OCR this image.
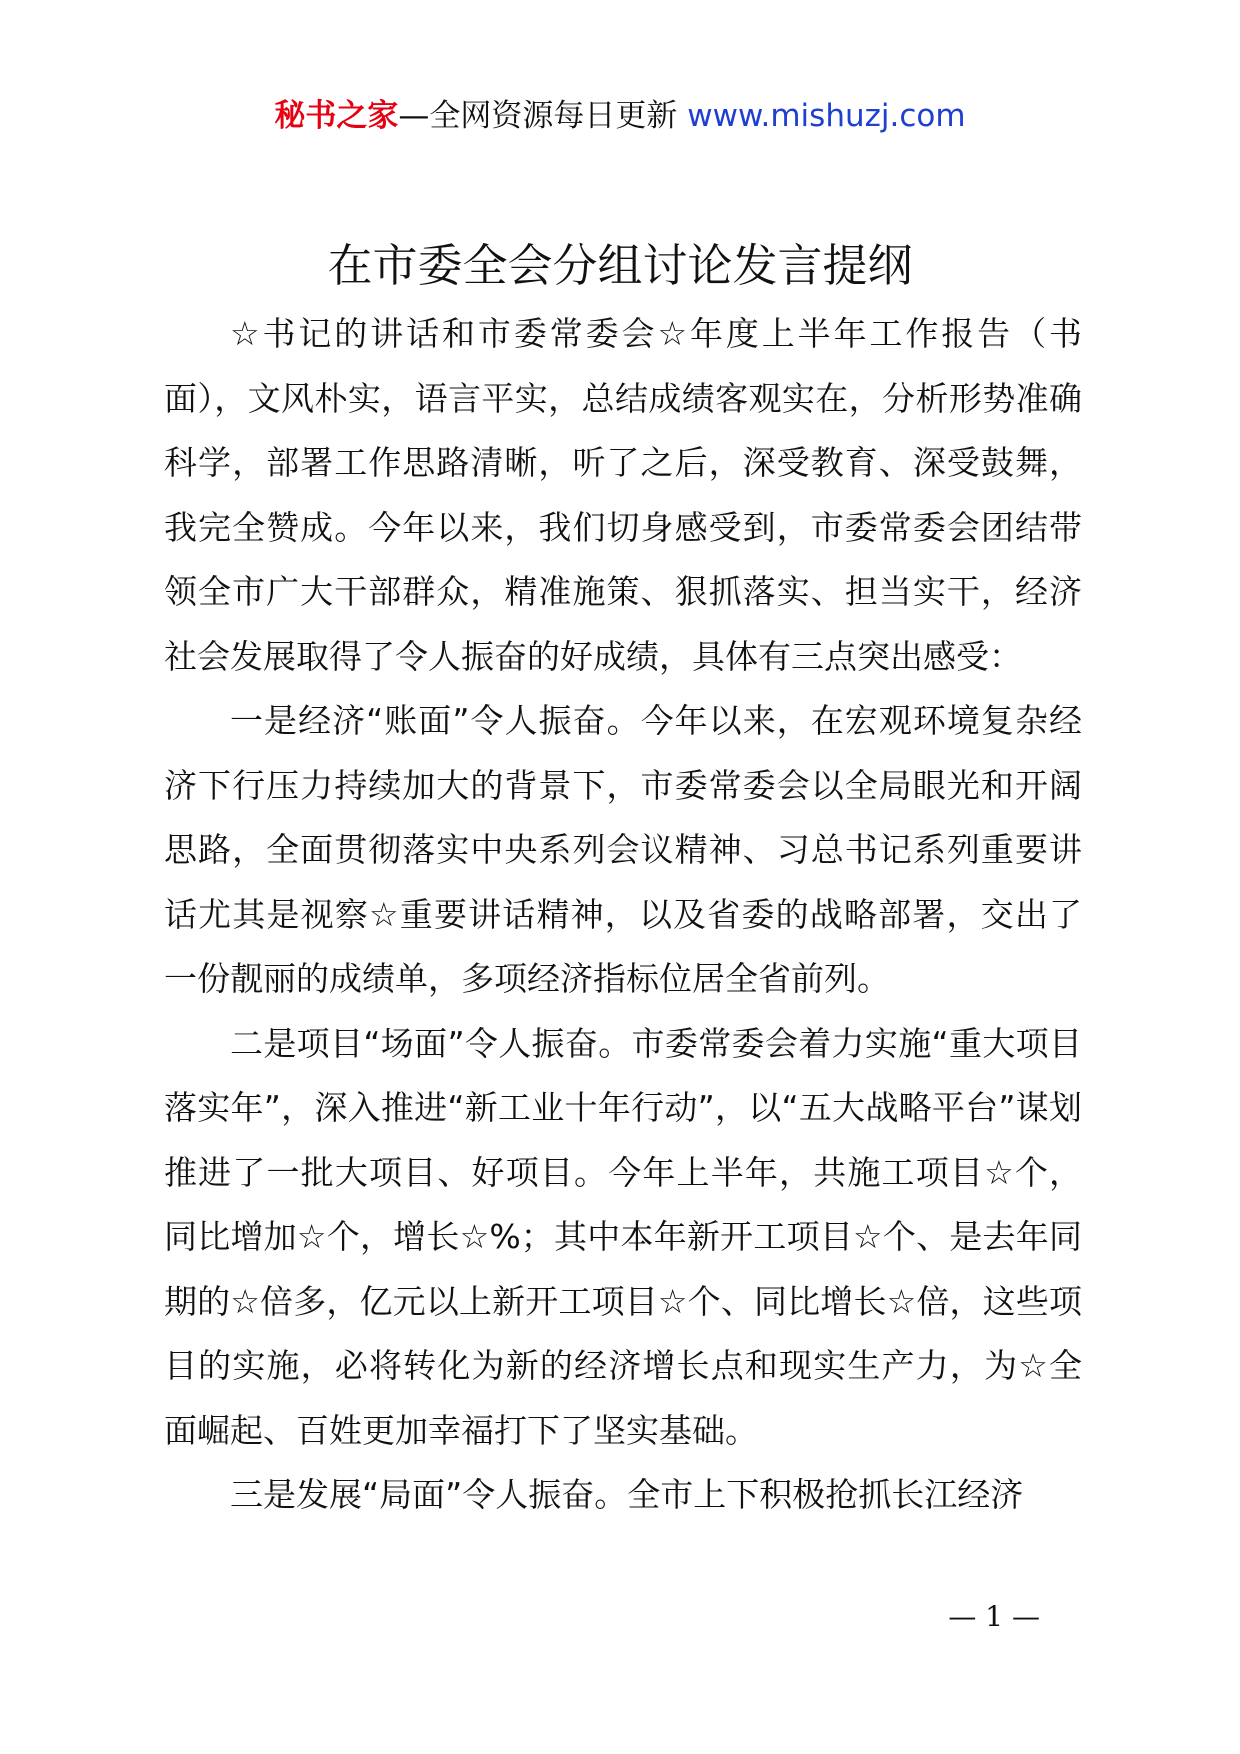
秘书之家—全网资源每日更新 www.mishuzj.com
在市委全会分组讨论发言提纲

☆书记的讲话和市委常委会☆年度上半年工作报告（书面），文风朴实，语言平实，总结成绩客观实在，分析形势准确科学，部署工作思路清晰，听了之后，深受教育、深受鼓舞，我完全赞成。今年以来，我们切身感受到，市委常委会团结带领全市广大干部群众，精准施策、狠抓落实、担当实干，经济社会发展取得了令人振奋的好成绩，具体有三点突出感受：

一是经济“账面”令人振奋。今年以来，在宏观环境复杂经济下行压力持续加大的背景下，市委常委会以全局眼光和开阔思路，全面贯彻落实中央系列会议精神、习总书记系列重要讲话尤其是视察☆重要讲话精神，以及省委的战略部署，交出了一份靓丽的成绩单，多项经济指标位居全省前列。

二是项目“场面”令人振奋。市委常委会着力实施“重大项目落实年”，深入推进“新工业十年行动”，以“五大战略平台”谋划推进了一批大项目、好项目。今年上半年，共施工项目☆个，同比增加☆个，增长☆%；其中本年新开工项目☆个、是去年同期的☆倍多，亿元以上新开工项目☆个、同比增长☆倍，这些项目的实施，必将转化为新的经济增长点和现实生产力，为☆全面崛起、百姓更加幸福打下了坚实基础。

三是发展“局面”令人振奋。全市上下积极抢抓长江经济

— 1 —
